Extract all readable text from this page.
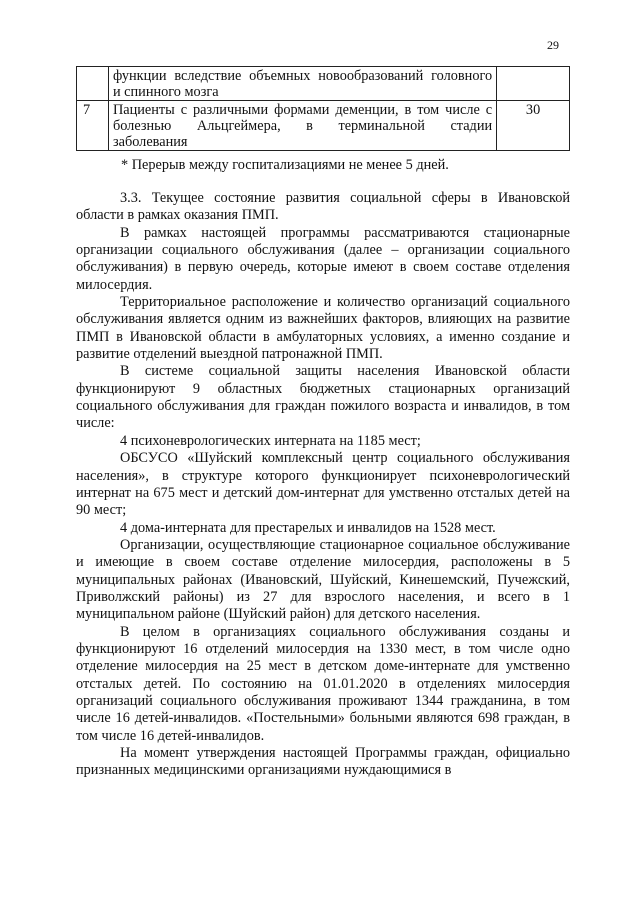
29

	функции вследствие объемных новообразований головного
и спинного мозга	

7	Пациенты с различными формами деменции, в том числе с
болезнью Альцгеймера, в терминальной стадии
заболевания	30
* Перерыв между госпитализациями не менее 5 дней.

3.3. Текущее состояние развития социальной сферы в Ивановской области в рамках оказания ПМП.

В рамках настоящей программы рассматриваются стационарные организации социального обслуживания (далее – организации социального обслуживания) в первую очередь, которые имеют в своем составе отделения милосердия.

Территориальное расположение и количество организаций социального обслуживания является одним из важнейших факторов, влияющих на развитие ПМП в Ивановской области в амбулаторных условиях, а именно создание и развитие отделений выездной патронажной ПМП.

В системе социальной защиты населения Ивановской области функционируют 9 областных бюджетных стационарных организаций социального обслуживания для граждан пожилого возраста и инвалидов, в том числе:

4 психоневрологических интерната на 1185 мест;

ОБСУСО «Шуйский комплексный центр социального обслуживания населения», в структуре которого функционирует психоневрологический интернат на 675 мест и детский дом-интернат для умственно отсталых детей на 90 мест;

4 дома-интерната для престарелых и инвалидов на 1528 мест.

Организации, осуществляющие стационарное социальное обслуживание и имеющие в своем составе отделение милосердия, расположены в 5 муниципальных районах (Ивановский, Шуйский, Кинешемский, Пучежский, Приволжский районы) из 27 для взрослого населения, и всего в 1 муниципальном районе (Шуйский район) для детского населения.

В целом в организациях социального обслуживания созданы и функционируют 16 отделений милосердия на 1330 мест, в том числе одно отделение милосердия на 25 мест в детском доме-интернате для умственно отсталых детей. По состоянию на 01.01.2020 в отделениях милосердия организаций социального обслуживания проживают 1344 гражданина, в том числе 16 детей-инвалидов. «Постельными» больными являются 698 граждан, в том числе 16 детей-инвалидов.

На момент утверждения настоящей Программы граждан, официально признанных медицинскими организациями нуждающимися в
